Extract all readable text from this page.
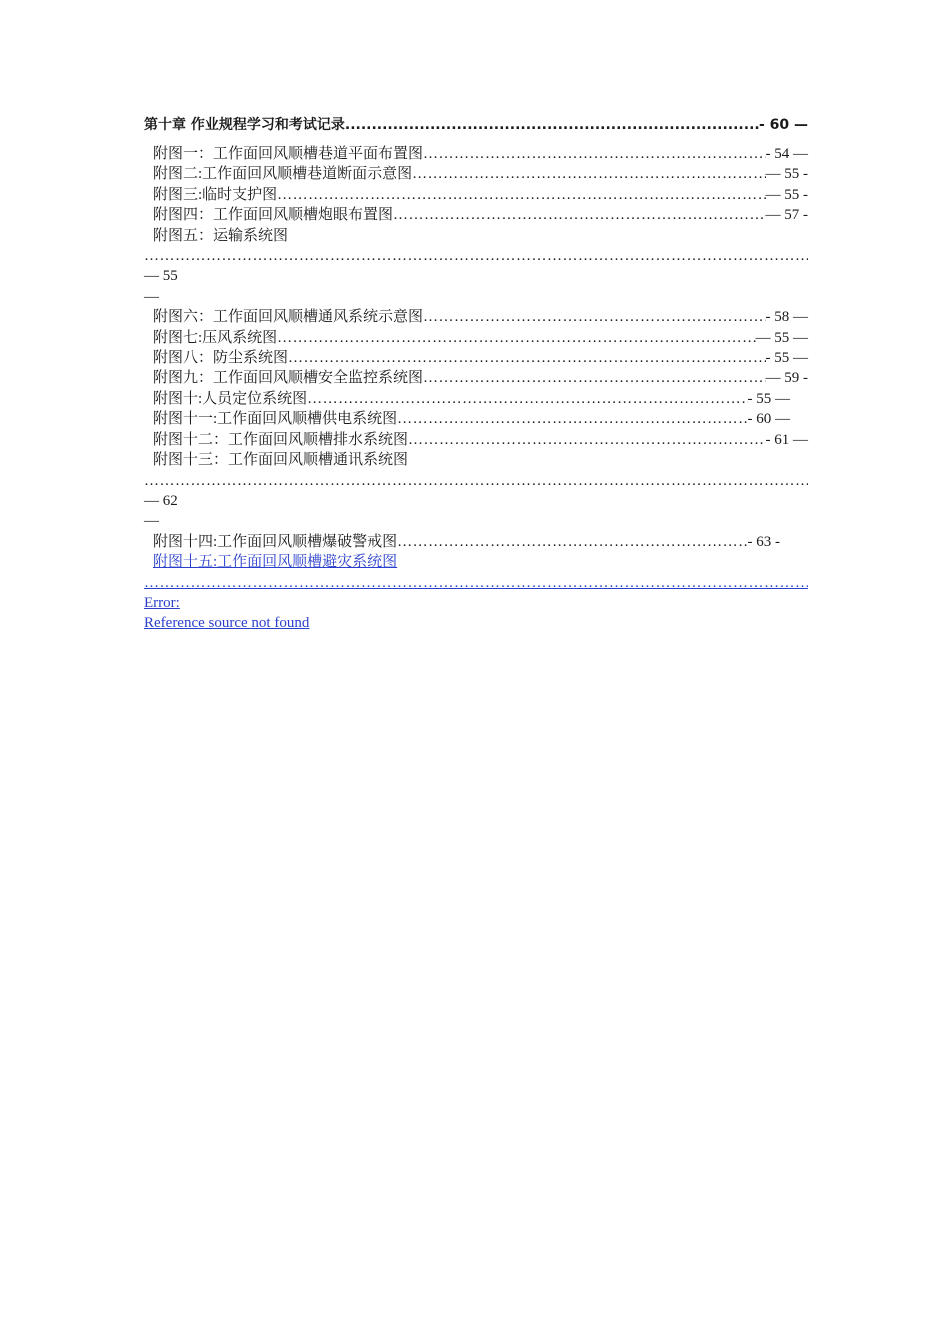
第十章 作业规程学习和考试记录 .....	- 60 —
附图一：工作面回风顺槽巷道平面布置图 ……………………………………………………………………………………………………………………………………………………………………………………………………	- 54 —
附图二:工作面回风顺槽巷道断面示意图 ……………………………………………………………………………………………………………………………………………………………………………………………………	— 55 -
附图三:临时支护图 ……………………………………………………………………………………………………………………………………………………………………………………………………	— 55 -
附图四：工作面回风顺槽炮眼布置图 ……………………………………………………………………………………………………………………………………………………………………………………………………	— 57 -
附图五：运输系统图
……………………………………………………………………………………………………………………………………………………………………………………………………
— 55
—
附图六：工作面回风顺槽通风系统示意图 ……………………………………………………………………………………………………………………………………………………………………………………………………	- 58 —
附图七:压风系统图 ……………………………………………………………………………………………………………………………………………………………………………………………………	— 55 —
附图八：防尘系统图 ……………………………………………………………………………………………………………………………………………………………………………………………………	- 55 —
附图九：工作面回风顺槽安全监控系统图 ……………………………………………………………………………………………………………………………………………………………………………………………………	— 59 -
附图十:人员定位系统图 ……………………………………………………………………………………………………………………………………………………………………………………………………	- 55 —
附图十一:工作面回风顺槽供电系统图 ……………………………………………………………………………………………………………………………………………………………………………………………………	- 60 —
附图十二：工作面回风顺槽排水系统图 ……………………………………………………………………………………………………………………………………………………………………………………………………	- 61 —
附图十三：工作面回风顺槽通讯系统图
……………………………………………………………………………………………………………………………………………………………………………………………………
— 62
—
附图十四:工作面回风顺槽爆破警戒图 ……………………………………………………………………………………………………………………………………………………………………………………………………	- 63 -
附图十五:工作面回风顺槽避灾系统图
……………………………………………………………………………………………………………………………………………………………………………………………………
Error:
Reference source not found
